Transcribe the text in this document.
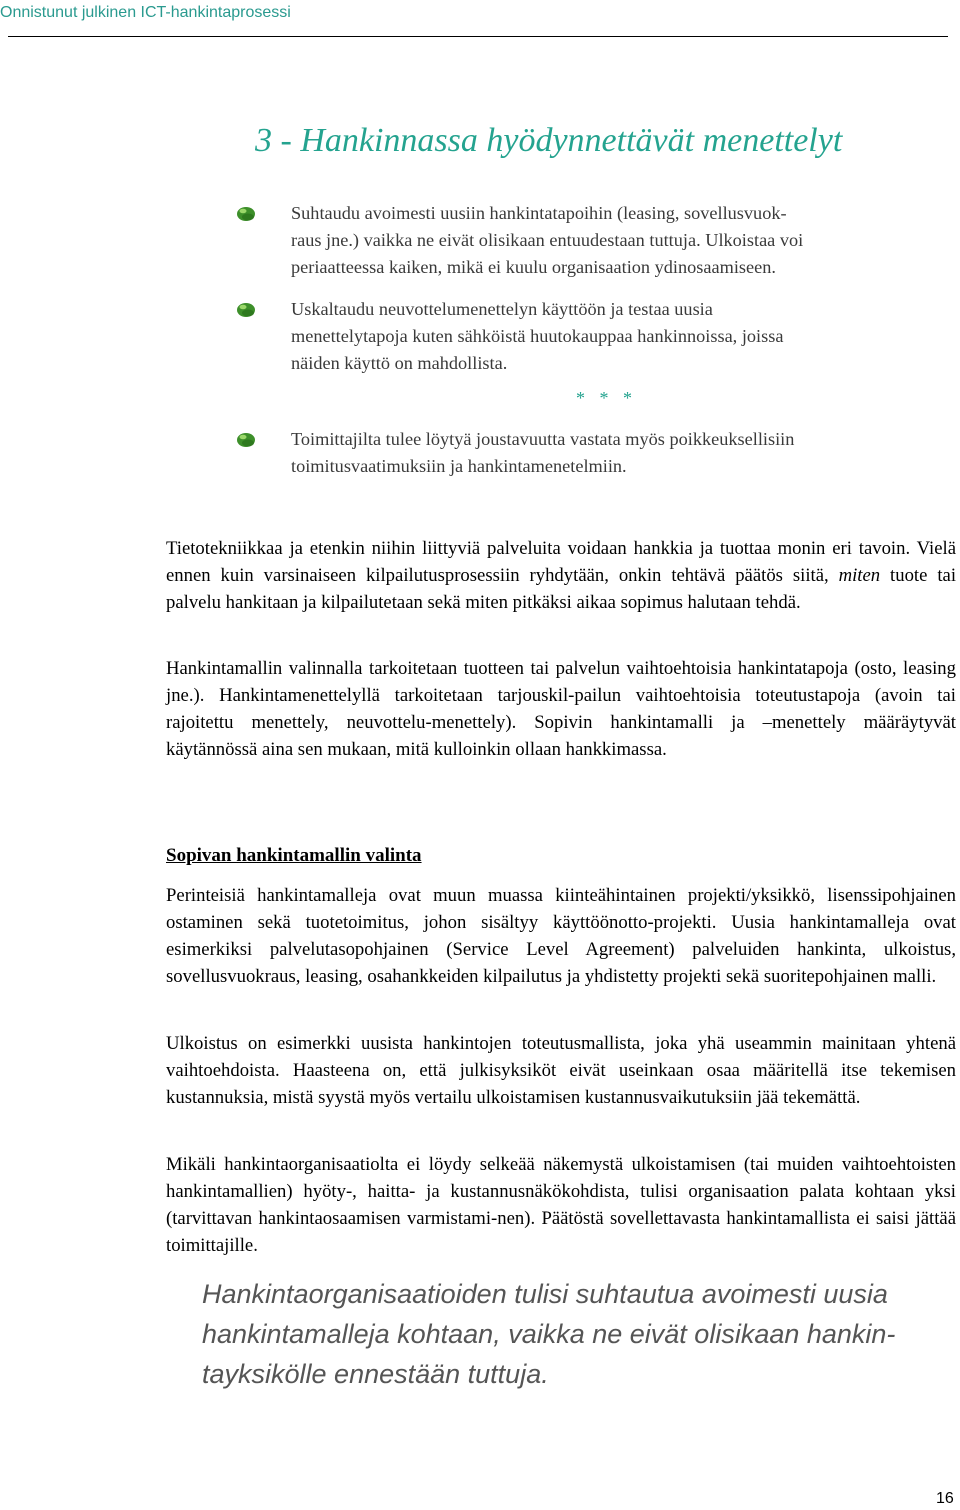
Onnistunut julkinen ICT-hankintaprosessi
3 - Hankinnassa hyödynnettävät menettelyt
Suhtaudu avoimesti uusiin hankintatapoihin (leasing, sovellusvuok-
raus jne.) vaikka ne eivät olisikaan entuudestaan tuttuja. Ulkoistaa voi
periaatteessa kaiken, mikä ei kuulu organisaation ydinosaamiseen.
Uskaltaudu neuvottelumenettelyn käyttöön ja testaa uusia
menettelytapoja kuten sähköistä huutokauppaa hankinnoissa, joissa
näiden käyttö on mahdollista.
Toimittajilta tulee löytyä joustavuutta vastata myös poikkeuksellisiin
toimitusvaatimuksiin ja hankintamenetelmiin.
* * *

Tietotekniikkaa ja etenkin niihin liittyviä palveluita voidaan hankkia ja tuottaa monin eri tavoin. Vielä ennen kuin varsinaiseen kilpailutusprosessiin ryhdytään, onkin tehtävä päätös siitä, miten tuote tai palvelu hankitaan ja kilpailutetaan sekä miten pitkäksi aikaa sopimus halutaan tehdä.

Hankintamallin valinnalla tarkoitetaan tuotteen tai palvelun vaihtoehtoisia hankintatapoja (osto, leasing jne.). Hankintamenettelyllä tarkoitetaan tarjouskil-pailun vaihtoehtoisia toteutustapoja (avoin tai rajoitettu menettely, neuvottelu-menettely). Sopivin hankintamalli ja –menettely määräytyvät käytännössä aina sen mukaan, mitä kulloinkin ollaan hankkimassa.

Sopivan hankintamallin valinta

Perinteisiä hankintamalleja ovat muun muassa kiinteähintainen projekti/yksikkö, lisenssipohjainen ostaminen sekä tuotetoimitus, johon sisältyy käyttöönotto-projekti. Uusia hankintamalleja ovat esimerkiksi palvelutasopohjainen (Service Level Agreement) palveluiden hankinta, ulkoistus, sovellusvuokraus, leasing, osahankkeiden kilpailutus ja yhdistetty projekti sekä suoritepohjainen malli.

Ulkoistus on esimerkki uusista hankintojen toteutusmallista, joka yhä useammin mainitaan yhtenä vaihtoehdoista. Haasteena on, että julkisyksiköt eivät useinkaan osaa määritellä itse tekemisen kustannuksia, mistä syystä myös vertailu ulkoistamisen kustannusvaikutuksiin jää tekemättä.

Mikäli hankintaorganisaatiolta ei löydy selkeää näkemystä ulkoistamisen (tai muiden vaihtoehtoisten hankintamallien) hyöty-, haitta- ja kustannusnäkökohdista, tulisi organisaation palata kohtaan yksi (tarvittavan hankintaosaamisen varmistami-nen). Päätöstä sovellettavasta hankintamallista ei saisi jättää toimittajille.

Hankintaorganisaatioiden tulisi suhtautua avoimesti uusia hankintamalleja kohtaan, vaikka ne eivät olisikaan hankin-tayksikölle ennestään tuttuja.

16
